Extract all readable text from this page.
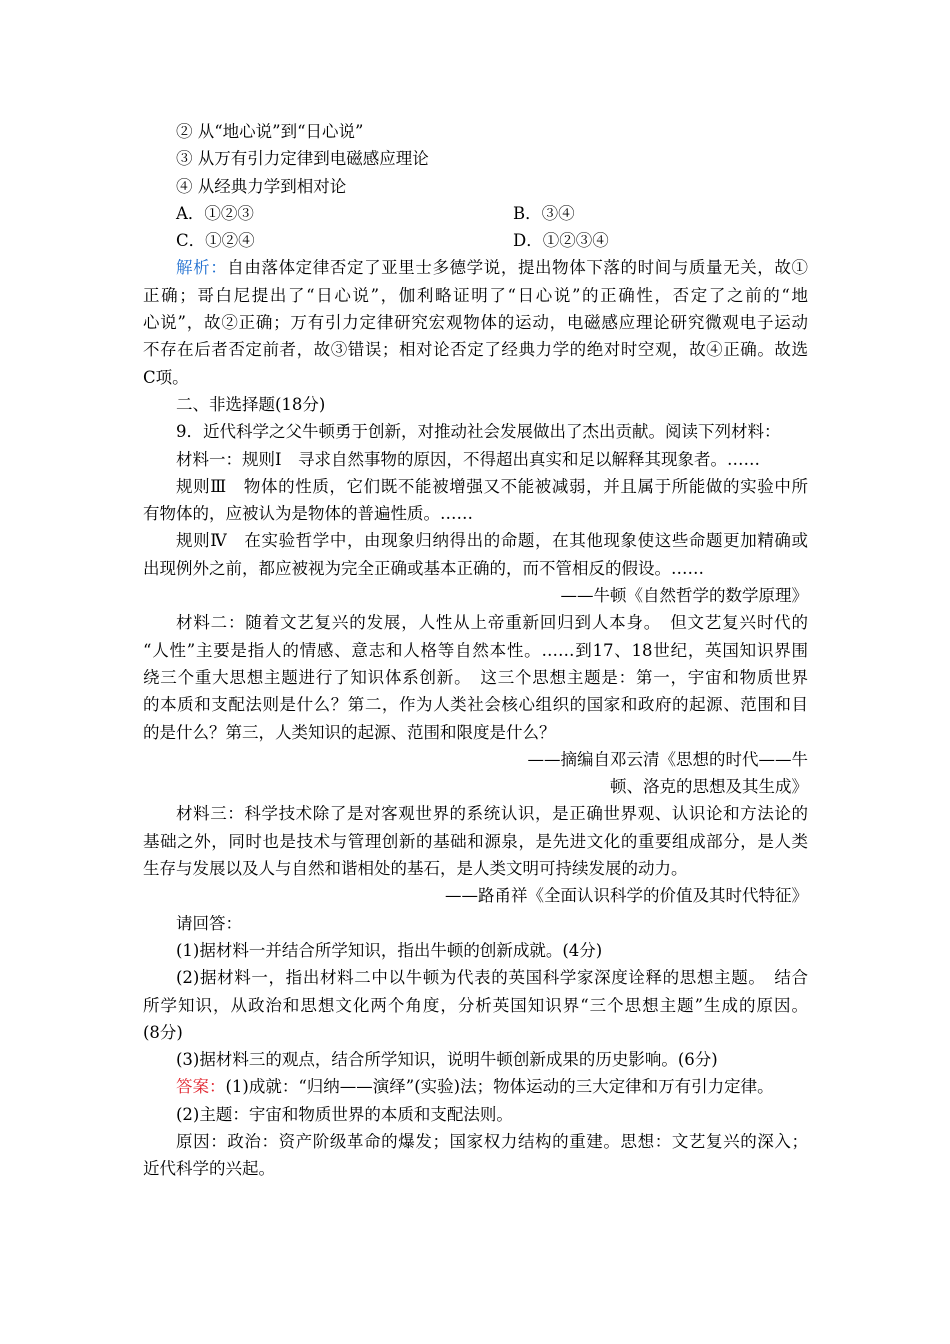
② 从“地心说”到“日心说”
③ 从万有引力定律到电磁感应理论
④ 从经典力学到相对论
A．①②③	B．③④
C．①②④	D．①②③④
解析：自由落体定律否定了亚里士多德学说，提出物体下落的时间与质量无关，故①
正确；哥白尼提出了“日心说”，伽利略证明了“日心说”的正确性，否定了之前的“地
心说”，故②正确；万有引力定律研究宏观物体的运动，电磁感应理论研究微观电子运动
不存在后者否定前者，故③错误；相对论否定了经典力学的绝对时空观，故④正确。故选
C项。
二、非选择题(18分)
9．近代科学之父牛顿勇于创新，对推动社会发展做出了杰出贡献。阅读下列材料：
材料一：规则Ⅰ　寻求自然事物的原因，不得超出真实和足以解释其现象者。……
规则Ⅲ　物体的性质，它们既不能被增强又不能被减弱，并且属于所能做的实验中所
有物体的，应被认为是物体的普遍性质。……
规则Ⅳ　在实验哲学中，由现象归纳得出的命题，在其他现象使这些命题更加精确或
出现例外之前，都应被视为完全正确或基本正确的，而不管相反的假设。……
——牛顿《自然哲学的数学原理》
材料二：随着文艺复兴的发展，人性从上帝重新回归到人本身。　但文艺复兴时代的
“人性”主要是指人的情感、意志和人格等自然本性。……到17、18世纪，英国知识界围
绕三个重大思想主题进行了知识体系创新。　这三个思想主题是：第一，宇宙和物质世界
的本质和支配法则是什么？第二，作为人类社会核心组织的国家和政府的起源、范围和目
的是什么？第三，人类知识的起源、范围和限度是什么？
——摘编自邓云清《思想的时代——牛
顿、洛克的思想及其生成》
材料三：科学技术除了是对客观世界的系统认识，是正确世界观、认识论和方法论的
基础之外，同时也是技术与管理创新的基础和源泉，是先进文化的重要组成部分，是人类
生存与发展以及人与自然和谐相处的基石，是人类文明可持续发展的动力。
——路甬祥《全面认识科学的价值及其时代特征》
请回答：
(1)据材料一并结合所学知识，指出牛顿的创新成就。(4分)
(2)据材料一，指出材料二中以牛顿为代表的英国科学家深度诠释的思想主题。　结合
所学知识，从政治和思想文化两个角度，分析英国知识界“三个思想主题”生成的原因。
(8分)
(3)据材料三的观点，结合所学知识，说明牛顿创新成果的历史影响。(6分)
答案：(1)成就：“归纳——演绎”(实验)法；物体运动的三大定律和万有引力定律。
(2)主题：宇宙和物质世界的本质和支配法则。
原因：政治：资产阶级革命的爆发；国家权力结构的重建。思想：文艺复兴的深入；
近代科学的兴起。
